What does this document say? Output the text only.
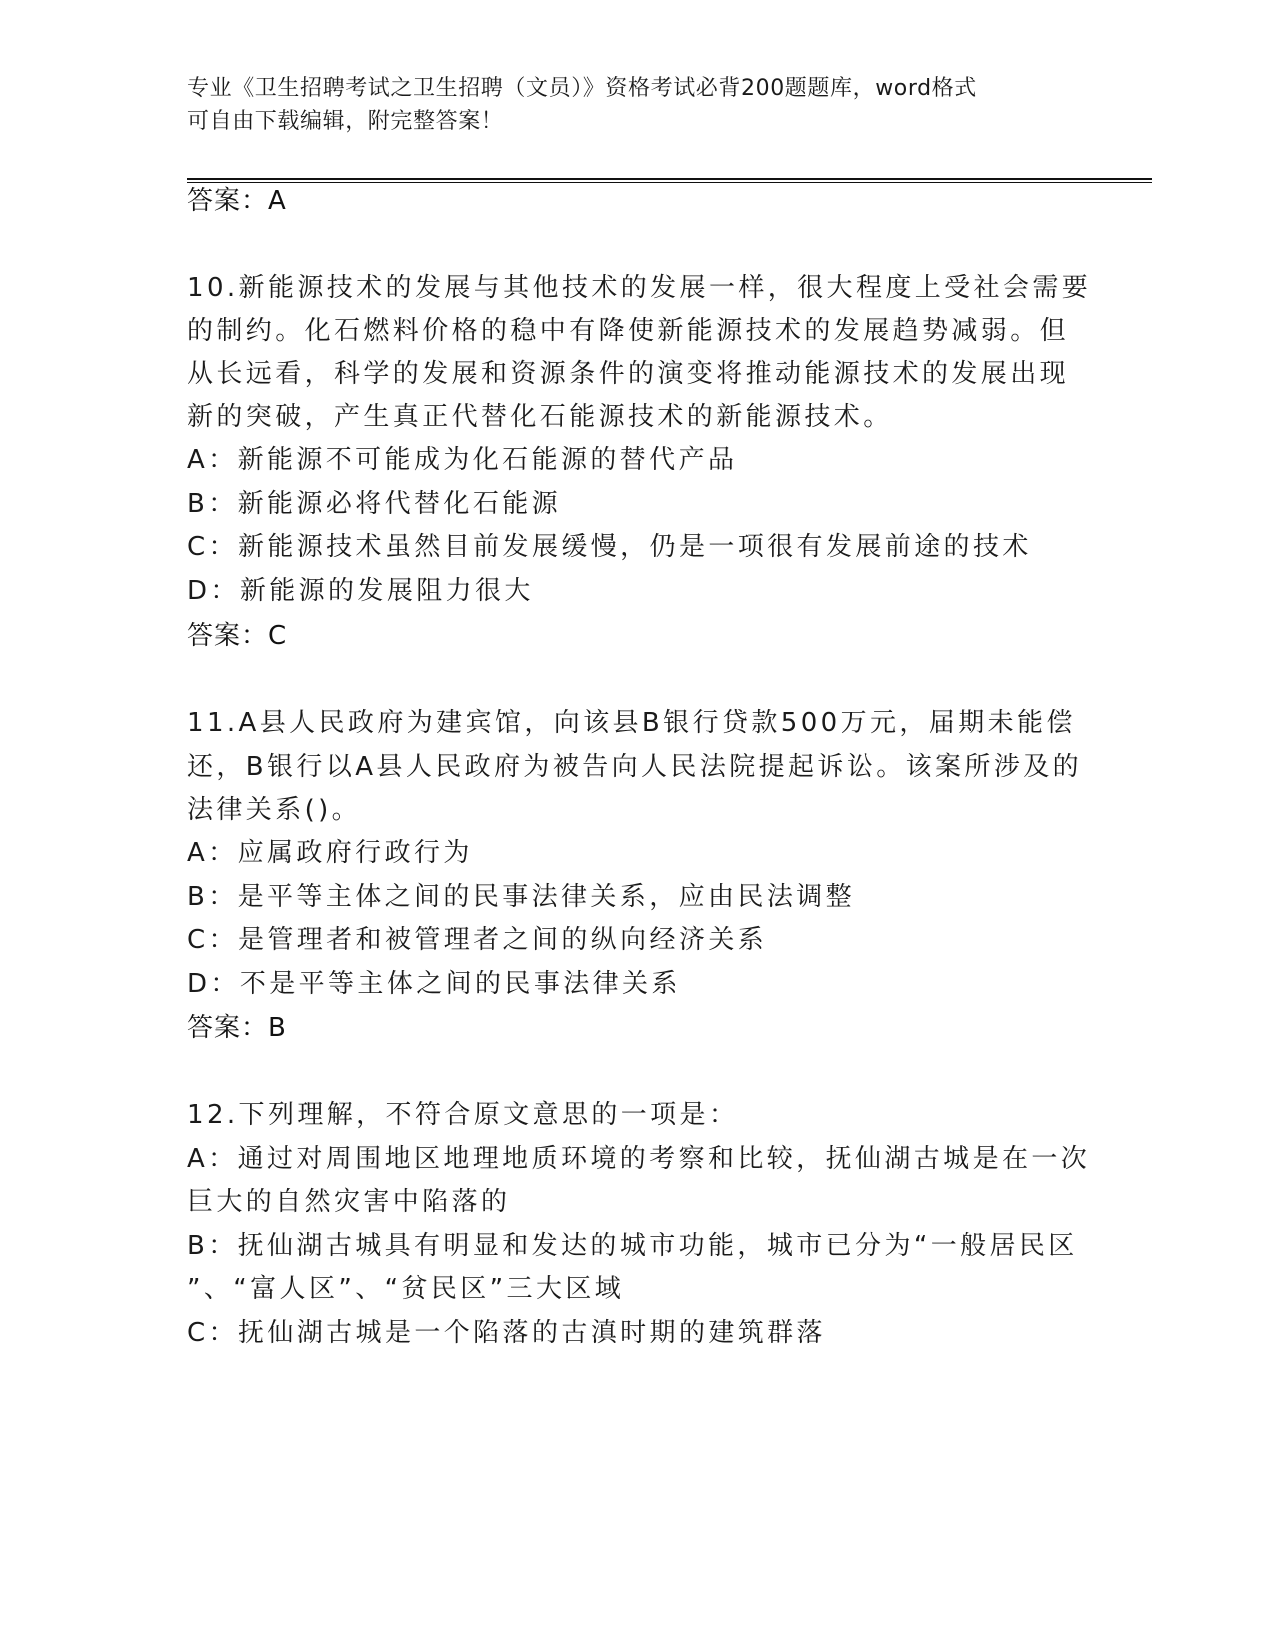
专业《卫生招聘考试之卫生招聘（文员）》资格考试必背200题题库，word格式
可自由下载编辑，附完整答案！
答案：A
10.新能源技术的发展与其他技术的发展一样，很大程度上受社会需要
的制约。化石燃料价格的稳中有降使新能源技术的发展趋势减弱。但
从长远看，科学的发展和资源条件的演变将推动能源技术的发展出现
新的突破，产生真正代替化石能源技术的新能源技术。
A：新能源不可能成为化石能源的替代产品
B：新能源必将代替化石能源
C：新能源技术虽然目前发展缓慢，仍是一项很有发展前途的技术
D：新能源的发展阻力很大
答案：C
11.A县人民政府为建宾馆，向该县B银行贷款500万元，届期未能偿
还，B银行以A县人民政府为被告向人民法院提起诉讼。该案所涉及的
法律关系()。
A：应属政府行政行为
B：是平等主体之间的民事法律关系，应由民法调整
C：是管理者和被管理者之间的纵向经济关系
D：不是平等主体之间的民事法律关系
答案：B
12.下列理解，不符合原文意思的一项是：
A：通过对周围地区地理地质环境的考察和比较，抚仙湖古城是在一次
巨大的自然灾害中陷落的
B：抚仙湖古城具有明显和发达的城市功能，城市已分为“一般居民区
”、“富人区”、“贫民区”三大区域
C：抚仙湖古城是一个陷落的古滇时期的建筑群落
